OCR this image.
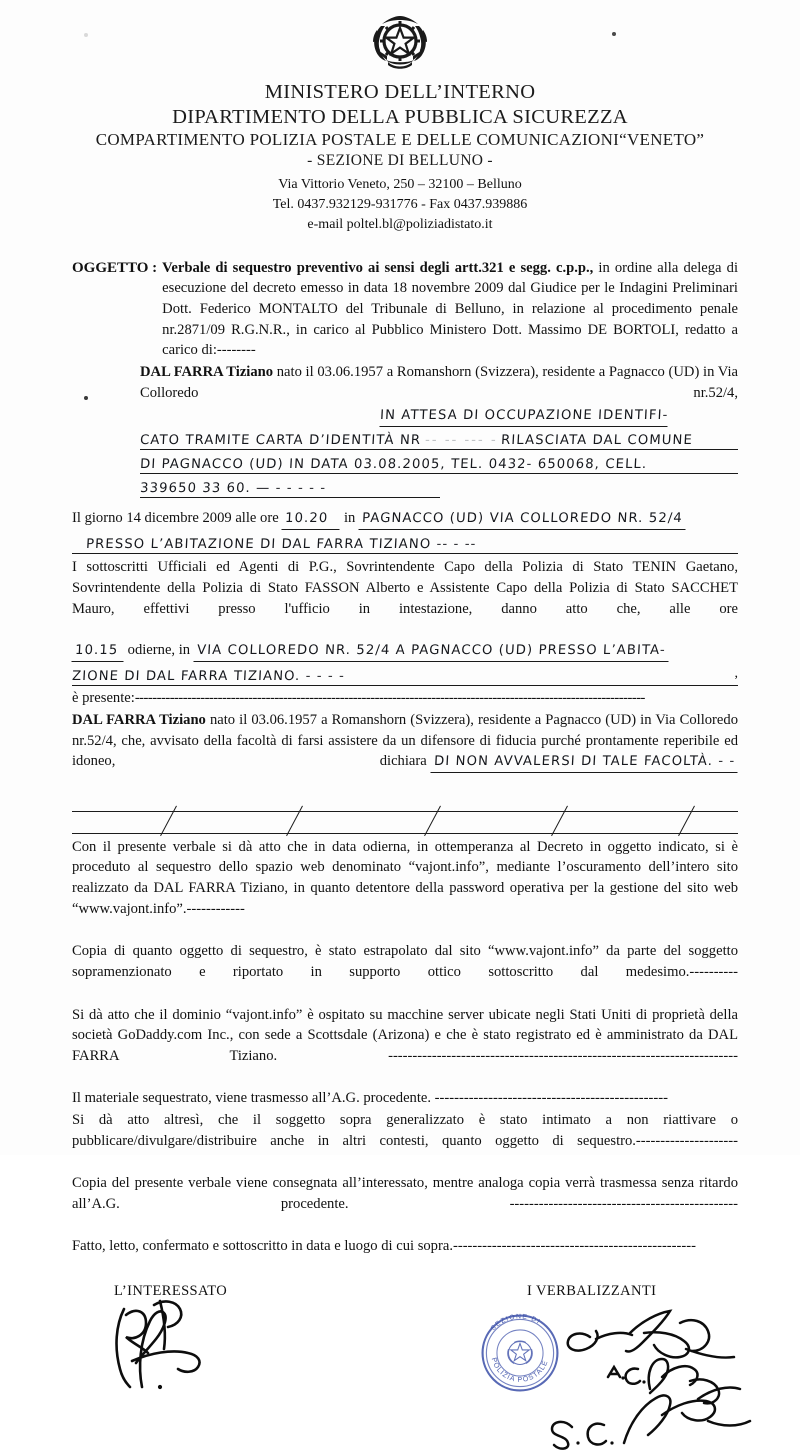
MINISTERO DELL’INTERNO
DIPARTIMENTO DELLA PUBBLICA SICUREZZA
COMPARTIMENTO POLIZIA POSTALE E DELLE COMUNICAZIONI“VENETO”
- SEZIONE DI BELLUNO -
Via Vittorio Veneto, 250 – 32100 – Belluno
Tel. 0437.932129-931776 - Fax 0437.939886
e-mail poltel.bl@poliziadistato.it
OGGETTO : Verbale di sequestro preventivo ai sensi degli artt.321 e segg. c.p.p., in ordine alla delega di esecuzione del decreto emesso in data 18 novembre 2009 dal Giudice per le Indagini Preliminari Dott. Federico MONTALTO del Tribunale di Belluno, in relazione al procedimento penale nr.2871/09 R.G.N.R., in carico al Pubblico Ministero Dott. Massimo DE BORTOLI, redatto a carico di:--------
DAL FARRA Tiziano nato il 03.06.1957 a Romanshorn (Svizzera), residente a Pagnacco (UD) in Via Colloredo nr.52/4,
IN ATTESA DI OCCUPAZIONE IDENTIFI-
CATO TRAMITE CARTA D’IDENTITÀ NR -- -- --- - RILASCIATA DAL COMUNE
DI PAGNACCO (UD) IN DATA 03.08.2005, TEL. 0432- 650068, CELL.
339650 33 60. — - - - - -
Il giorno 14 dicembre 2009 alle ore 10.20 in PAGNACCO (UD) VIA COLLOREDO NR. 52/4
PRESSO L’ABITAZIONE DI DAL FARRA TIZIANO -- - --
I sottoscritti Ufficiali ed Agenti di P.G., Sovrintendente Capo della Polizia di Stato TENIN Gaetano, Sovrintendente della Polizia di Stato FASSON Alberto e Assistente Capo della Polizia di Stato SACCHET Mauro, effettivi presso l'ufficio in intestazione, danno atto che, alle ore
10.15 odierne, in VIA COLLOREDO NR. 52/4 A PAGNACCO (UD) PRESSO L’ABITA-
ZIONE DI DAL FARRA TIZIANO. - - - -	,
è presente:---------------------------------------------------------------------------------------------------------------------
DAL FARRA Tiziano nato il 03.06.1957 a Romanshorn (Svizzera), residente a Pagnacco (UD) in Via Colloredo nr.52/4, che, avvisato della facoltà di farsi assistere da un difensore di fiducia purché prontamente reperibile ed idoneo, dichiara DI NON AVVALERSI DI TALE FACOLTÀ. - -
Con il presente verbale si dà atto che in data odierna, in ottemperanza al Decreto in oggetto indicato, si è proceduto al sequestro dello spazio web denominato “vajont.info”, mediante l’oscuramento dell’intero sito realizzato da DAL FARRA Tiziano, in quanto detentore della password operativa per la gestione del sito web “www.vajont.info”.------------
Copia di quanto oggetto di sequestro, è stato estrapolato dal sito “www.vajont.info” da parte del soggetto sopramenzionato e riportato in supporto ottico sottoscritto dal medesimo.----------
Si dà atto che il dominio “vajont.info” è ospitato su macchine server ubicate negli Stati Uniti di proprietà della società GoDaddy.com Inc., con sede a Scottsdale (Arizona) e che è stato registrato ed è amministrato da DAL FARRA Tiziano. ------------------------------------------------------------------------
Il materiale sequestrato, viene trasmesso all’A.G. procedente. ------------------------------------------------
Si dà atto altresì, che il soggetto sopra generalizzato è stato intimato a non riattivare o pubblicare/divulgare/distribuire anche in altri contesti, quanto oggetto di sequestro.---------------------
Copia del presente verbale viene consegnata all’interessato, mentre analoga copia verrà trasmessa senza ritardo all’A.G. procedente. -----------------------------------------------
Fatto, letto, confermato e sottoscritto in data e luogo di cui sopra.--------------------------------------------------
L’INTERESSATO	I VERBALIZZANTI
POLIZIA POSTALE
SEZIONE DI
